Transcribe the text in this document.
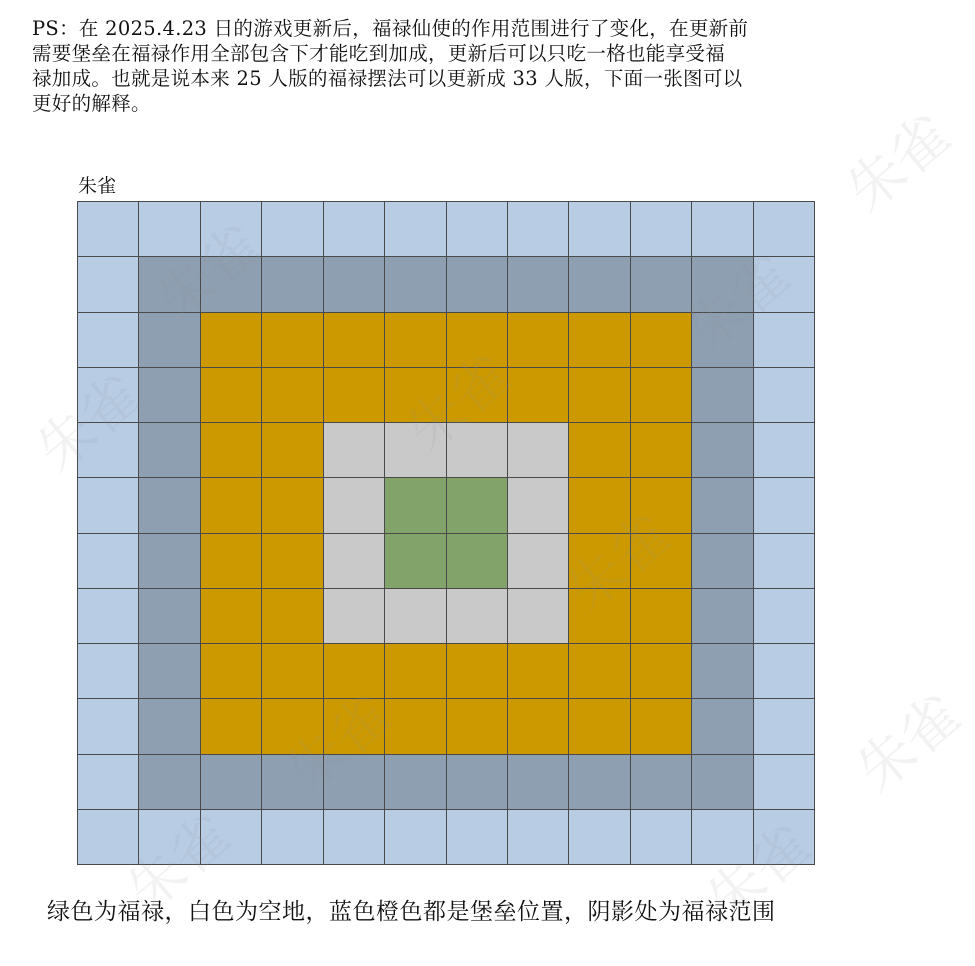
PS：在 2025.4.23 日的游戏更新后，福禄仙使的作用范围进行了变化，在更新前
需要堡垒在福禄作用全部包含下才能吃到加成，更新后可以只吃一格也能享受福
禄加成。也就是说本来 25 人版的福禄摆法可以更新成 33 人版，下面一张图可以
更好的解释。
朱雀
绿色为福禄，白色为空地，蓝色橙色都是堡垒位置，阴影处为福禄范围
朱雀
朱雀
朱雀
